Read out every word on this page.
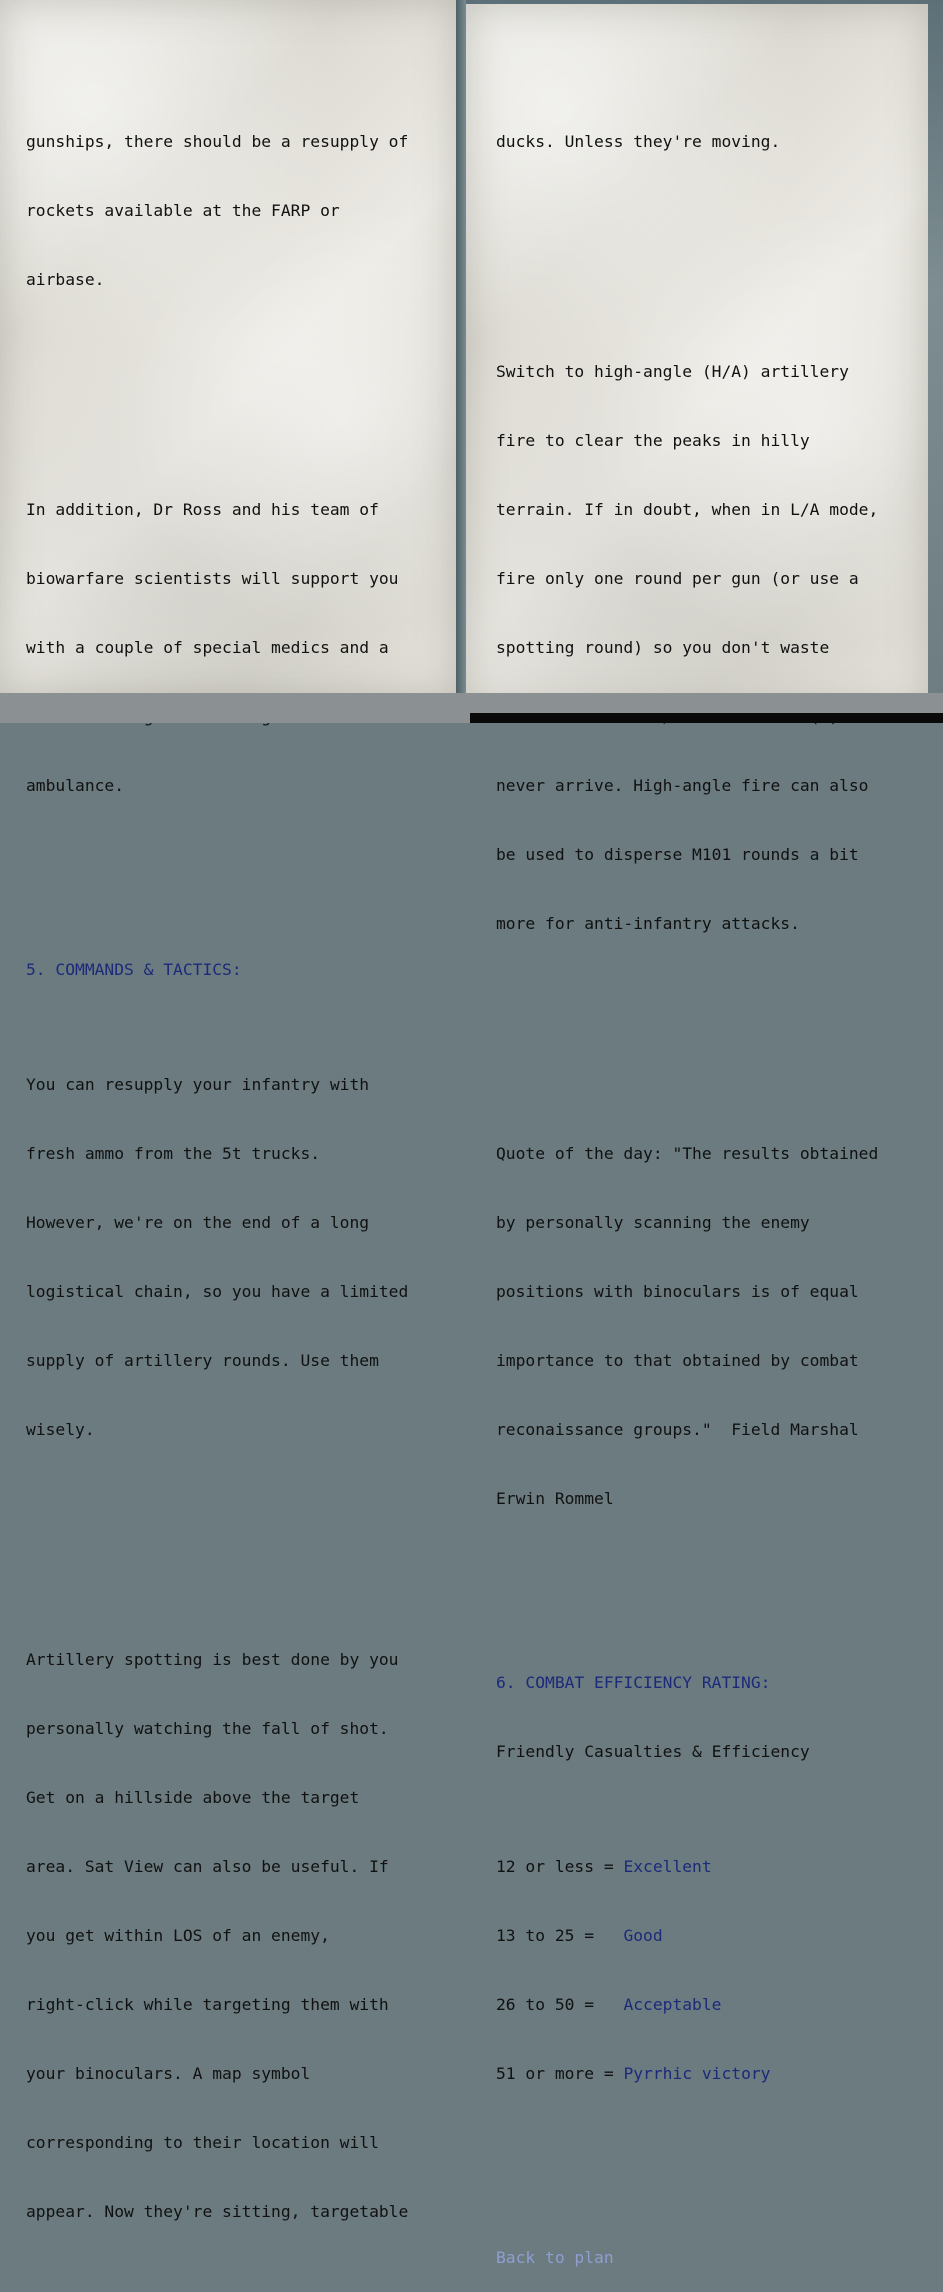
gunships, there should be a resupply of

rockets available at the FARP or

airbase.

In addition, Dr Ross and his team of

biowarfare scientists will support you

with a couple of special medics and a

ambulance.

5. COMMANDS & TACTICS:

You can resupply your infantry with

fresh ammo from the 5t trucks.

However, we're on the end of a long

logistical chain, so you have a limited

supply of artillery rounds. Use them

wisely.

Artillery spotting is best done by you

personally watching the fall of shot.

Get on a hillside above the target

area. Sat View can also be useful. If

you get within LOS of an enemy,

right-click while targeting them with

your binoculars. A map symbol

corresponding to their location will

appear. Now they're sitting, targetable

ducks. Unless they're moving.

Switch to high-angle (H/A) artillery

fire to clear the peaks in hilly

terrain. If in doubt, when in L/A mode,

fire only one round per gun (or use a

spotting round) so you don't waste

never arrive. High-angle fire can also

be used to disperse M101 rounds a bit

more for anti-infantry attacks.

Quote of the day: "The results obtained

by personally scanning the enemy

positions with binoculars is of equal

importance to that obtained by combat

reconaissance groups."  Field Marshal

Erwin Rommel

6. COMBAT EFFICIENCY RATING:

Friendly Casualties & Efficiency

12 or less = Excellent

13 to 25 =   Good

26 to 50 =   Acceptable

51 or more = Pyrrhic victory

Back to plan
